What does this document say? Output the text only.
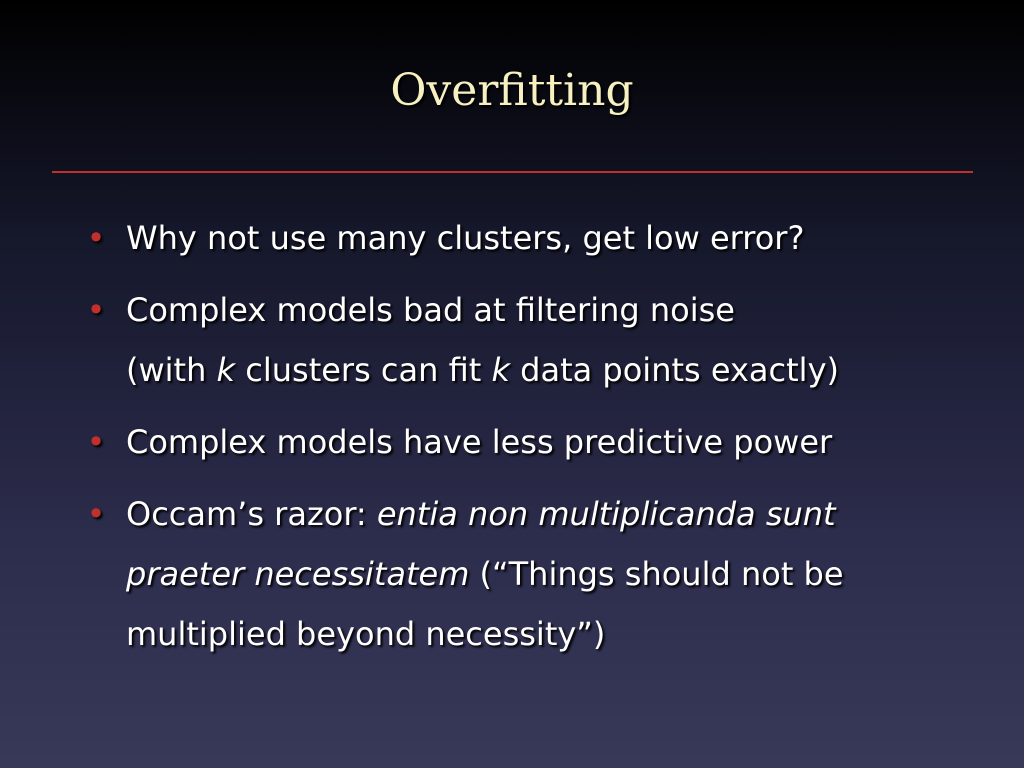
Overfitting
• Why not use many clusters, get low error?
• Complex models bad at filtering noise
(with k clusters can fit k data points exactly)
• Complex models have less predictive power
• Occam’s razor: entia non multiplicanda sunt
praeter necessitatem (“Things should not be
multiplied beyond necessity”)
